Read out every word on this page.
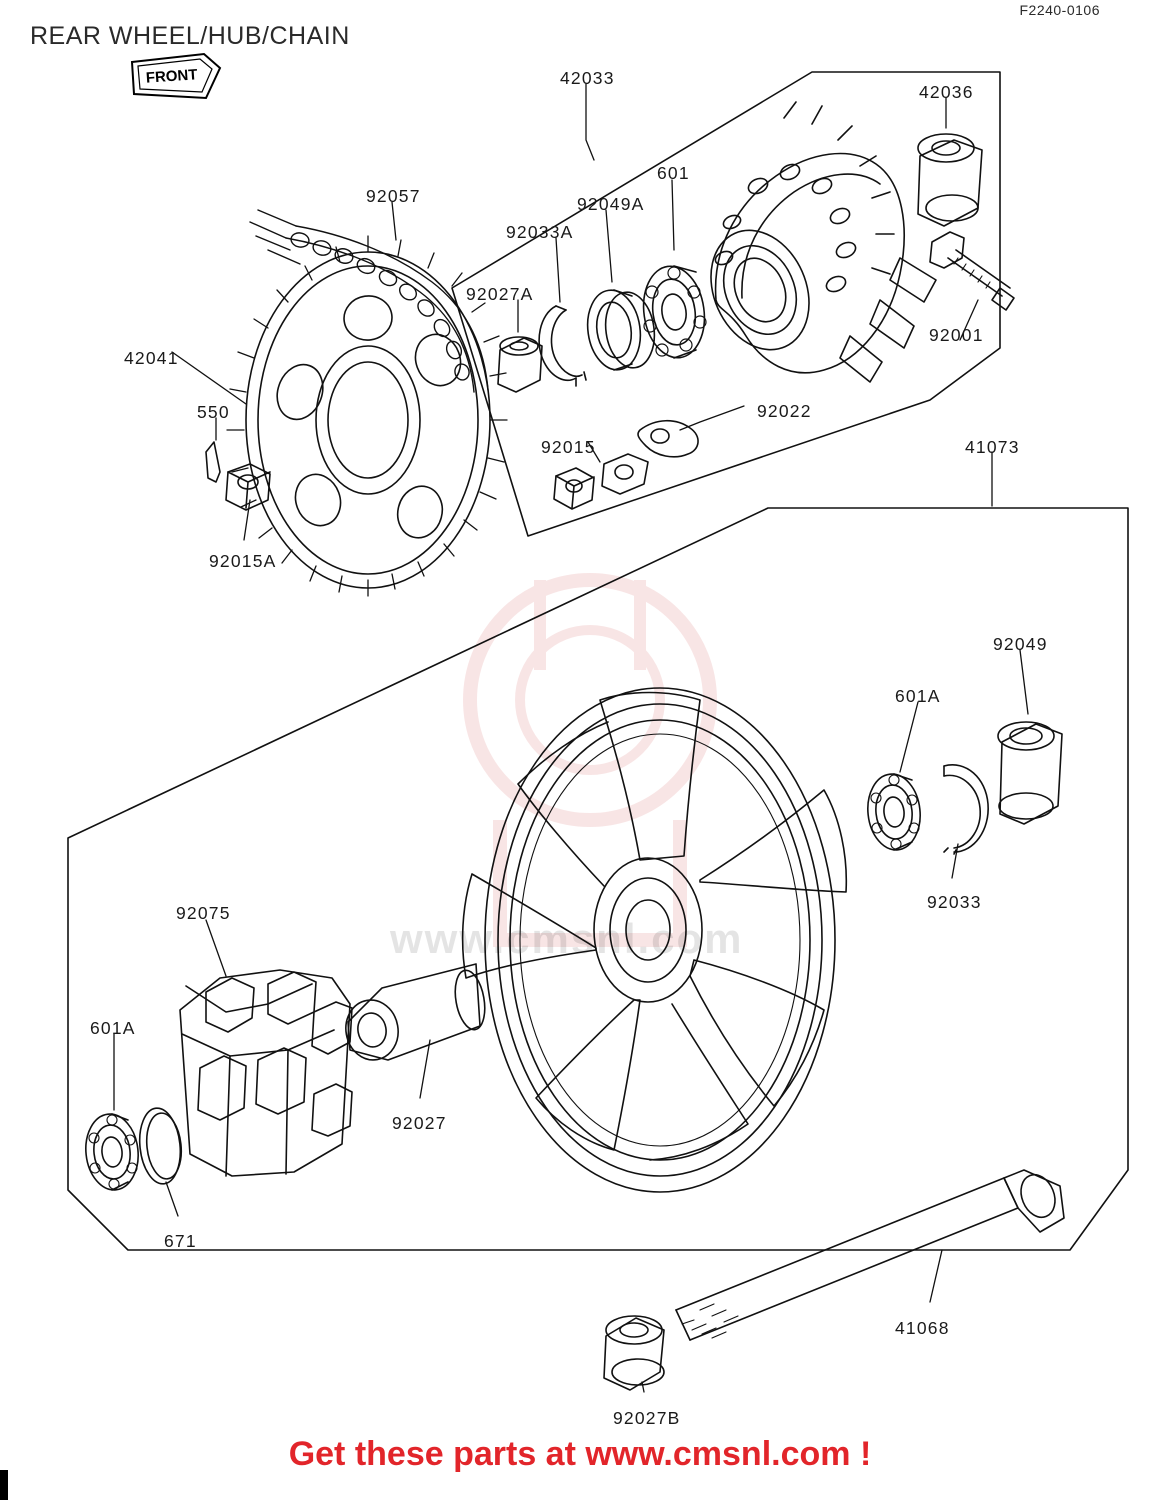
REAR WHEEL/HUB/CHAIN
F2240-0106
FRONT
www.cmsnl.com
42033
42036
601
92057	92049A
92033A
92027A
92001
42041
550	92022
41073
92015
92015A
92049
601A
92033
92075
601A
92027
671
41068
92027B
Get these parts at www.cmsnl.com !
